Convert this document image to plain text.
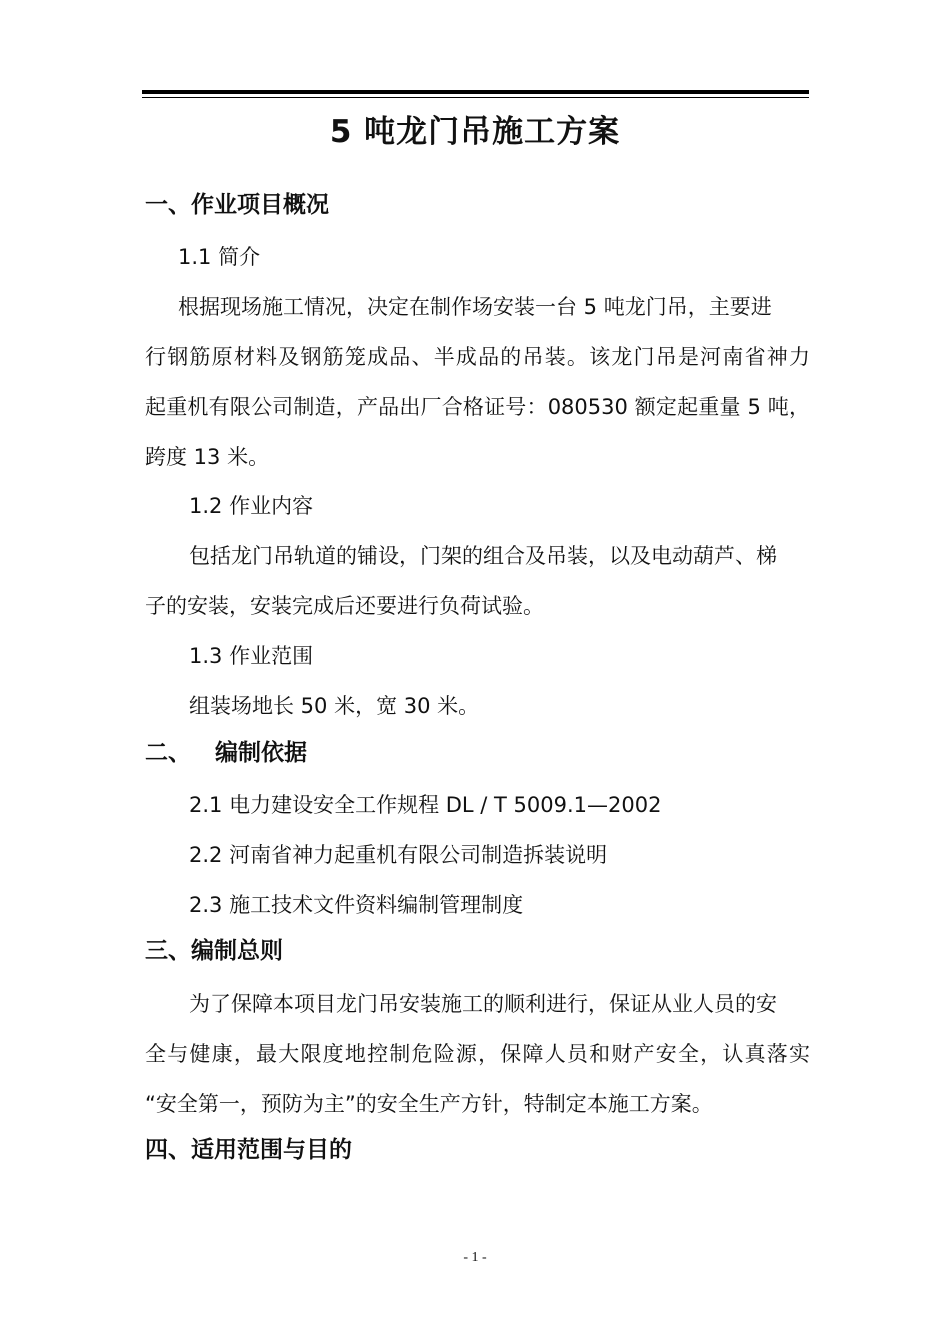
5 吨龙门吊施工方案
一、作业项目概况
1.1 简介
根据现场施工情况，决定在制作场安装一台 5 吨龙门吊，主要进
行钢筋原材料及钢筋笼成品、半成品的吊装。该龙门吊是河南省神力
起重机有限公司制造，产品出厂合格证号：080530 额定起重量 5 吨，
跨度 13 米。
1.2 作业内容
包括龙门吊轨道的铺设，门架的组合及吊装，以及电动葫芦、梯
子的安装，安装完成后还要进行负荷试验。
1.3 作业范围
组装场地长 50 米，宽 30 米。
二、   编制依据
2.1 电力建设安全工作规程 DL / T 5009.1—2002
2.2 河南省神力起重机有限公司制造拆装说明
2.3 施工技术文件资料编制管理制度
三、编制总则
为了保障本项目龙门吊安装施工的顺利进行，保证从业人员的安
全与健康，最大限度地控制危险源，保障人员和财产安全，认真落实
“安全第一，预防为主”的安全生产方针，特制定本施工方案。
四、适用范围与目的
- 1 -
